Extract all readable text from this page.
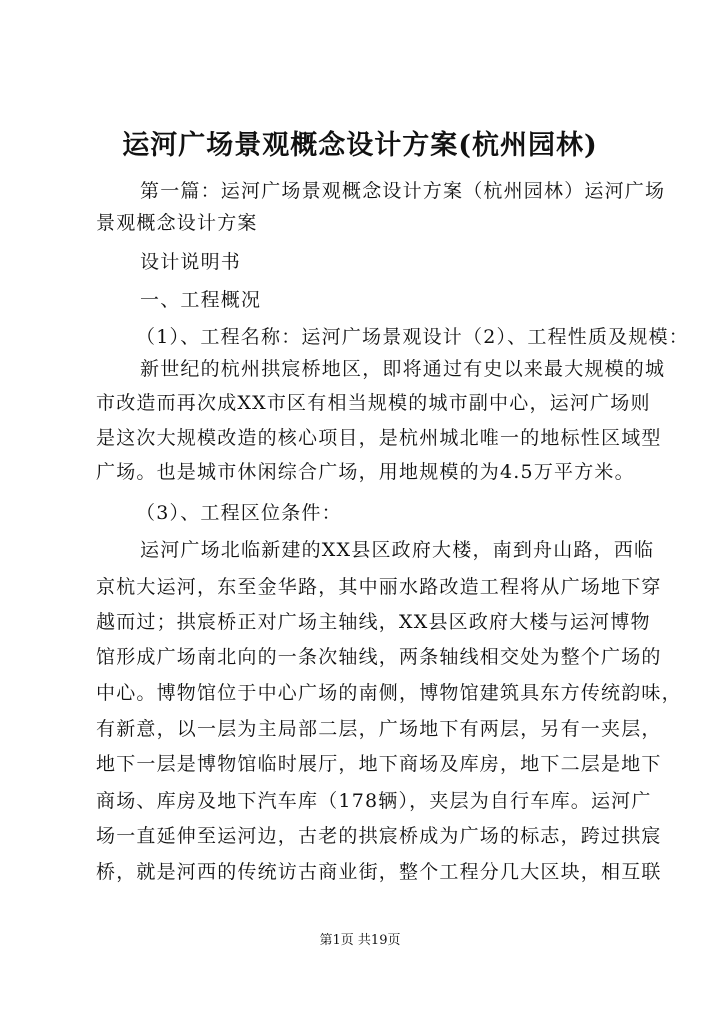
运河广场景观概念设计方案(杭州园林)
第一篇：运河广场景观概念设计方案（杭州园林）运河广场
景观概念设计方案
设计说明书
一、工程概况
（1）、工程名称：运河广场景观设计（2）、工程性质及规模：
新世纪的杭州拱宸桥地区，即将通过有史以来最大规模的城
市改造而再次成XX市区有相当规模的城市副中心，运河广场则
是这次大规模改造的核心项目，是杭州城北唯一的地标性区域型
广场。也是城市休闲综合广场，用地规模的为4.5万平方米。
（3）、工程区位条件：
运河广场北临新建的XX县区政府大楼，南到舟山路，西临
京杭大运河，东至金华路，其中丽水路改造工程将从广场地下穿
越而过；拱宸桥正对广场主轴线，XX县区政府大楼与运河博物
馆形成广场南北向的一条次轴线，两条轴线相交处为整个广场的
中心。博物馆位于中心广场的南侧，博物馆建筑具东方传统韵味，
有新意，以一层为主局部二层，广场地下有两层，另有一夹层，
地下一层是博物馆临时展厅，地下商场及库房，地下二层是地下
商场、库房及地下汽车库（178辆），夹层为自行车库。运河广
场一直延伸至运河边，古老的拱宸桥成为广场的标志，跨过拱宸
桥，就是河西的传统访古商业街，整个工程分几大区块，相互联
第1页 共19页
